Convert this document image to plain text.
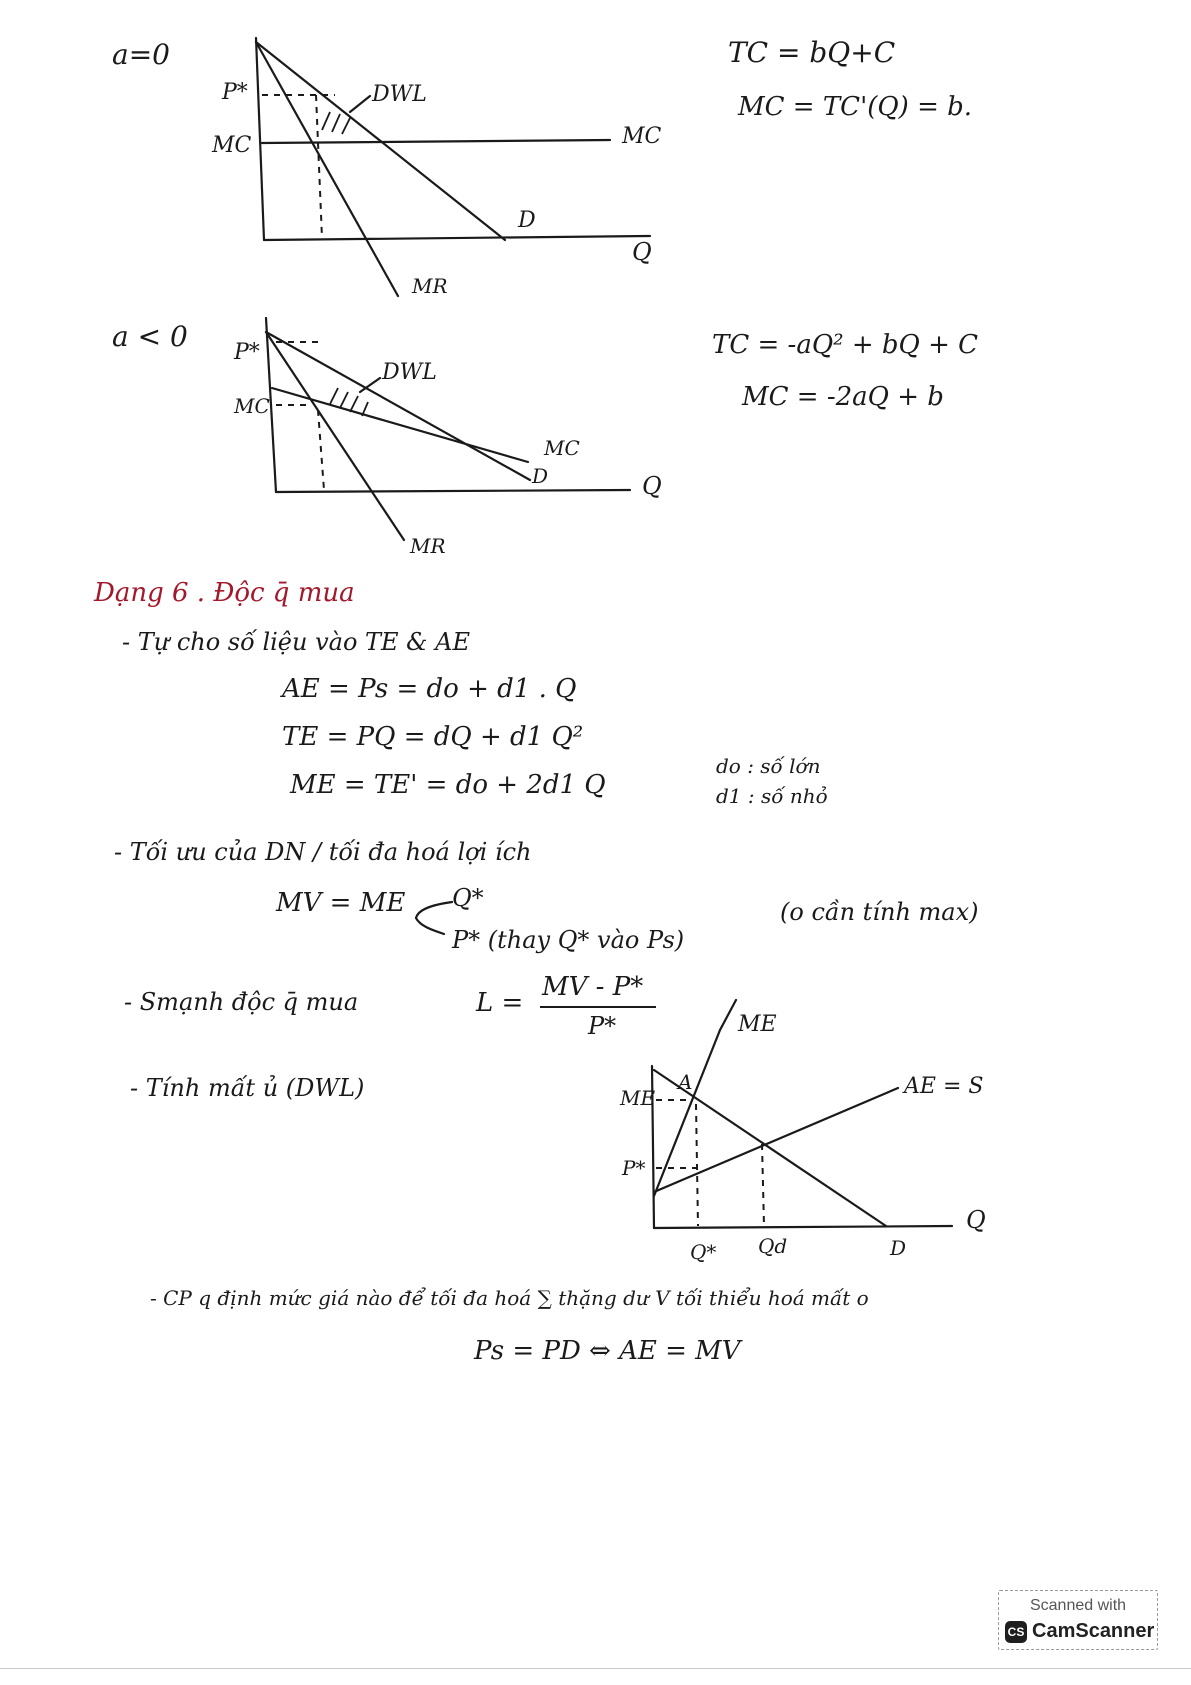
a=0	TC = bQ+C
MC = TC'(Q) = b.
P*
MC	MC
DWL
D
Q
MR
a < 0	TC = -aQ² + bQ + C
MC = -2aQ + b
P*
MC
MC
DWL
D	Q
MR
Dạng 6 . Độc q̄ mua
- Tự cho số liệu vào TE & AE
AE = Ps = do + d1 . Q
TE = PQ = dQ + d1 Q²
ME = TE' = do + 2d1 Q
do : số lớn
d1 : số nhỏ
- Tối ưu của DN / tối đa hoá lợi ích
MV = ME Q*
P* (thay Q* vào Ps)
(o cần tính max)
- Smạnh độc q̄ mua	L =
MV - P*
P*
- Tính mất ủ (DWL)
ME
ME
A	AE = S
P*
Q* Qd	D
Q
- CP q định mức giá nào để tối đa hoá ∑ thặng dư V tối thiểu hoá mất o
Ps = PD ⇔ AE = MV
Scanned with
CS CamScanner
